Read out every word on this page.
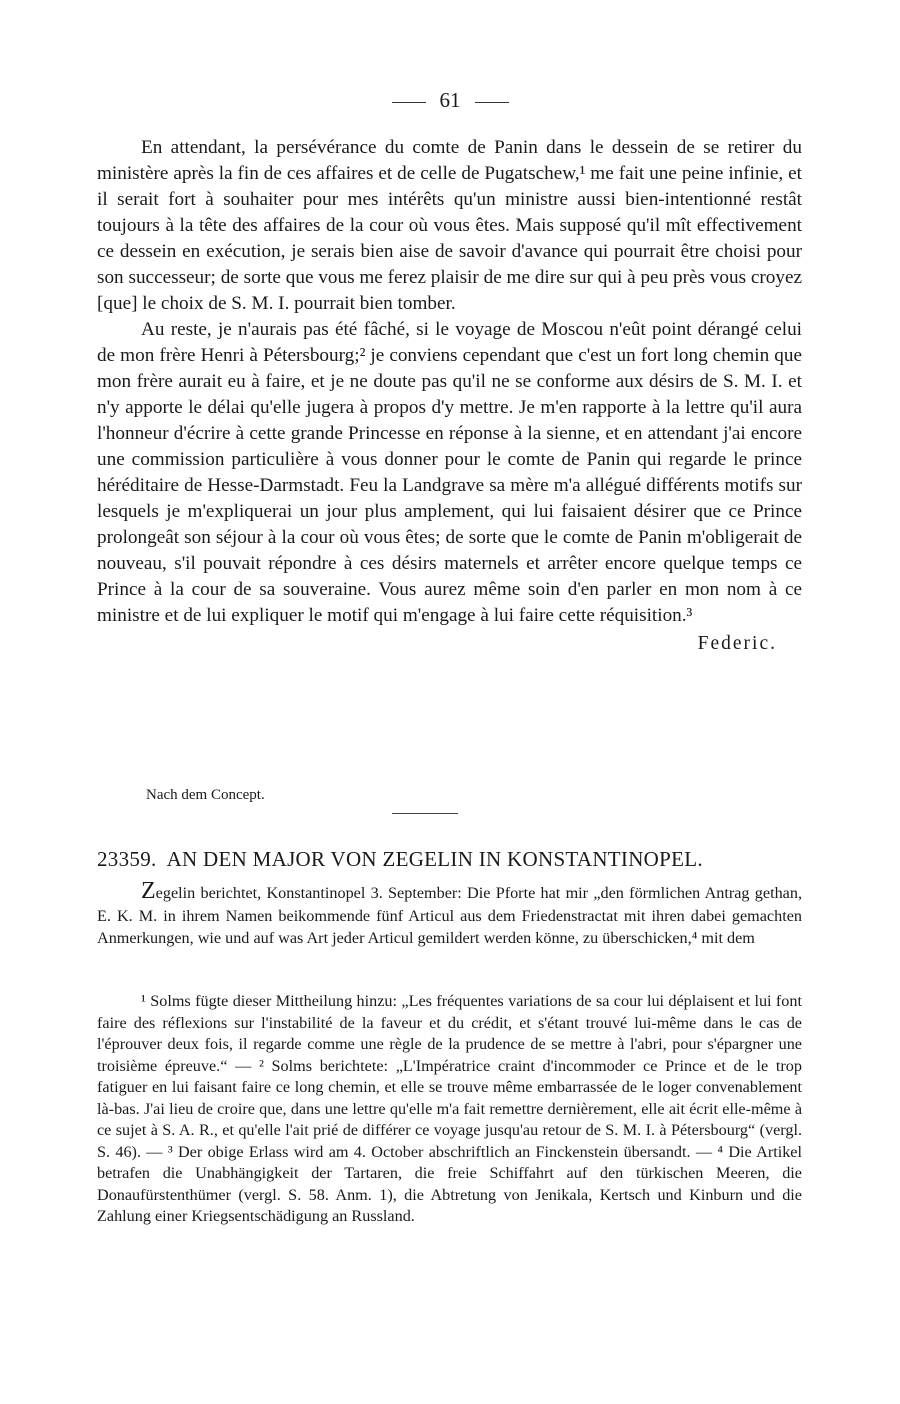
61

En attendant, la persévérance du comte de Panin dans le dessein de se retirer du ministère après la fin de ces affaires et de celle de Pugatschew,¹ me fait une peine infinie, et il serait fort à souhaiter pour mes intérêts qu'un ministre aussi bien-intentionné restât toujours à la tête des affaires de la cour où vous êtes. Mais supposé qu'il mît effectivement ce dessein en exécution, je serais bien aise de savoir d'avance qui pourrait être choisi pour son successeur; de sorte que vous me ferez plaisir de me dire sur qui à peu près vous croyez [que] le choix de S. M. I. pourrait bien tomber.

Au reste, je n'aurais pas été fâché, si le voyage de Moscou n'eût point dérangé celui de mon frère Henri à Pétersbourg;² je conviens cependant que c'est un fort long chemin que mon frère aurait eu à faire, et je ne doute pas qu'il ne se conforme aux désirs de S. M. I. et n'y apporte le délai qu'elle jugera à propos d'y mettre. Je m'en rapporte à la lettre qu'il aura l'honneur d'écrire à cette grande Princesse en réponse à la sienne, et en attendant j'ai encore une commission particulière à vous donner pour le comte de Panin qui regarde le prince héréditaire de Hesse-Darmstadt. Feu la Landgrave sa mère m'a allégué différents motifs sur lesquels je m'expliquerai un jour plus amplement, qui lui faisaient désirer que ce Prince prolongeât son séjour à la cour où vous êtes; de sorte que le comte de Panin m'obligerait de nouveau, s'il pouvait répondre à ces désirs maternels et arrêter encore quelque temps ce Prince à la cour de sa souveraine. Vous aurez même soin d'en parler en mon nom à ce ministre et de lui expliquer le motif qui m'engage à lui faire cette réquisition.³

Federic.
Nach dem Concept.
23359. AN DEN MAJOR VON ZEGELIN IN KONSTANTINOPEL.

Zegelin berichtet, Konstantinopel 3. September: Die Pforte hat mir „den förmlichen Antrag gethan, E. K. M. in ihrem Namen beikommende fünf Articul aus dem Friedenstractat mit ihren dabei gemachten Anmerkungen, wie und auf was Art jeder Articul gemildert werden könne, zu überschicken,⁴ mit dem

¹ Solms fügte dieser Mittheilung hinzu: „Les fréquentes variations de sa cour lui déplaisent et lui font faire des réflexions sur l'instabilité de la faveur et du crédit, et s'étant trouvé lui-même dans le cas de l'éprouver deux fois, il regarde comme une règle de la prudence de se mettre à l'abri, pour s'épargner une troisième épreuve.“ — ² Solms berichtete: „L'Impératrice craint d'incommoder ce Prince et de le trop fatiguer en lui faisant faire ce long chemin, et elle se trouve même embarrassée de le loger convenablement là-bas. J'ai lieu de croire que, dans une lettre qu'elle m'a fait remettre dernièrement, elle ait écrit elle-même à ce sujet à S. A. R., et qu'elle l'ait prié de différer ce voyage jusqu'au retour de S. M. I. à Pétersbourg“ (vergl. S. 46). — ³ Der obige Erlass wird am 4. October abschriftlich an Finckenstein übersandt. — ⁴ Die Artikel betrafen die Unabhängigkeit der Tartaren, die freie Schiffahrt auf den türkischen Meeren, die Donaufürstenthümer (vergl. S. 58. Anm. 1), die Abtretung von Jenikala, Kertsch und Kinburn und die Zahlung einer Kriegsentschädigung an Russland.
